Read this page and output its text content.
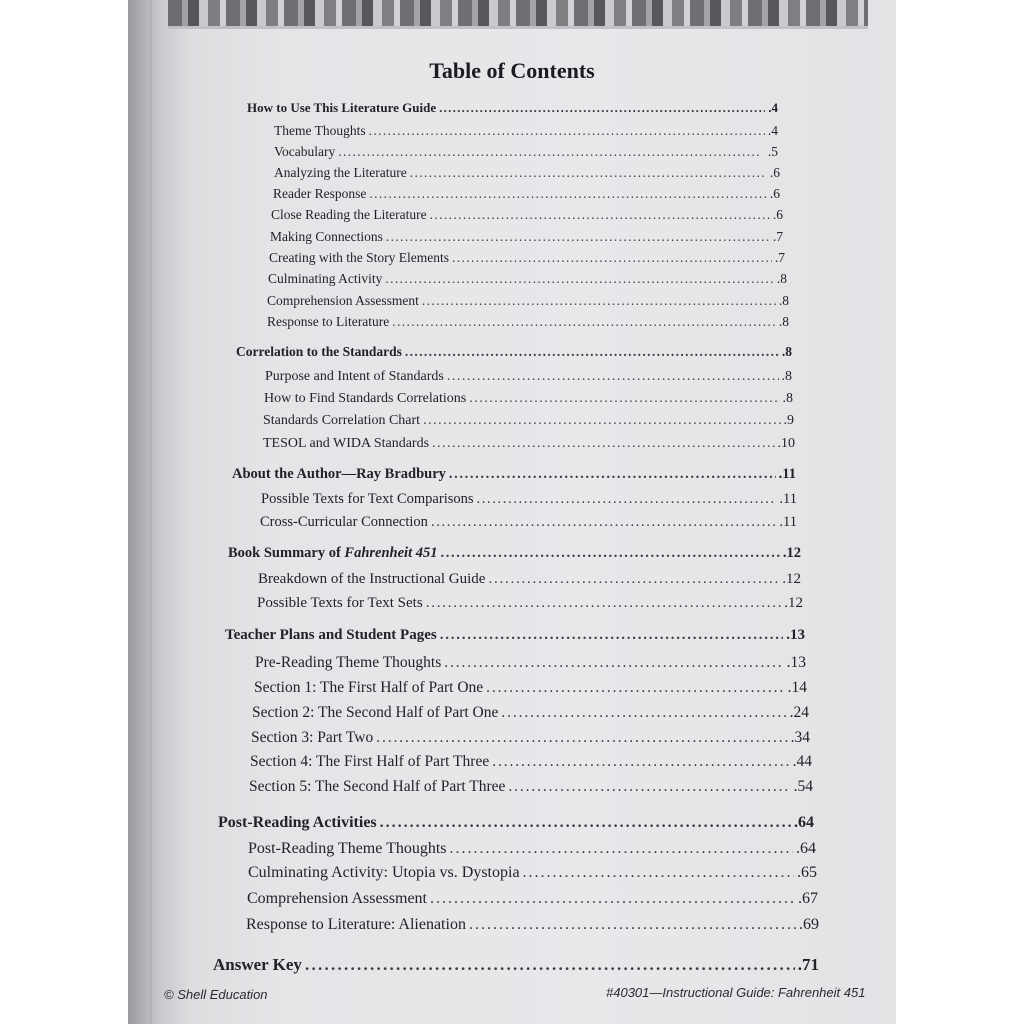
Table of Contents
How to Use This Literature Guide . . .	.4
Theme Thoughts . . .	.4
Vocabulary . . .	.5
Analyzing the Literature . . .	.6
Reader Response . . .	.6
Close Reading the Literature . . .	.6
Making Connections . . .	.7
Creating with the Story Elements . . .	.7
Culminating Activity . . .	.8
Comprehension Assessment . . .	.8
Response to Literature . . .	.8
Correlation to the Standards . . .	.8
Purpose and Intent of Standards . . .	.8
How to Find Standards Correlations . . .	.8
Standards Correlation Chart . . .	.9
TESOL and WIDA Standards . . .	.10
About the Author—Ray Bradbury . . .	.11
Possible Texts for Text Comparisons . . .	.11
Cross-Curricular Connection . . .	.11
Book Summary of Fahrenheit 451 . . .	.12
Breakdown of the Instructional Guide . . .	.12
Possible Texts for Text Sets . . .	.12
Teacher Plans and Student Pages . . .	.13
Pre-Reading Theme Thoughts . . .	.13
Section 1: The First Half of Part One . . .	.14
Section 2: The Second Half of Part One . . .	.24
Section 3: Part Two . . .	.34
Section 4: The First Half of Part Three . . .	.44
Section 5: The Second Half of Part Three . . .	.54
Post-Reading Activities . . .	.64
Post-Reading Theme Thoughts . . .	.64
Culminating Activity: Utopia vs. Dystopia . . .	.65
Comprehension Assessment . . .	.67
Response to Literature: Alienation . . .	.69
Answer Key . . .	.71
© Shell Education	#40301—Instructional Guide: Fahrenheit 451
